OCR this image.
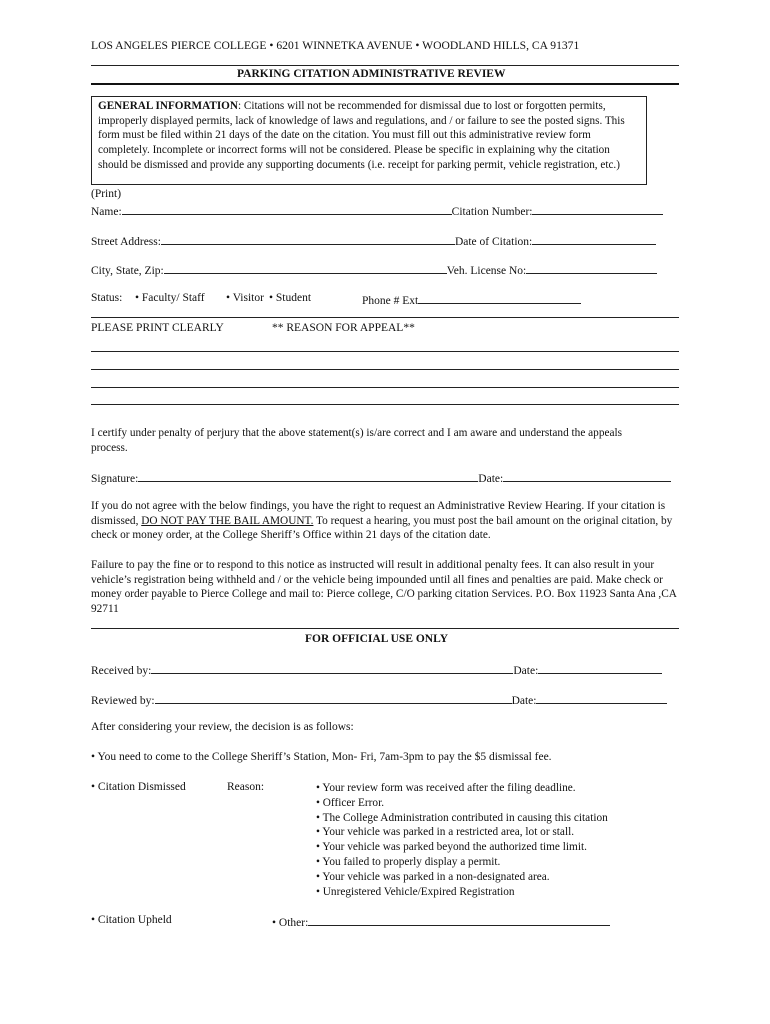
LOS ANGELES PIERCE COLLEGE • 6201 WINNETKA AVENUE • WOODLAND HILLS, CA 91371
PARKING CITATION ADMINISTRATIVE REVIEW
GENERAL INFORMATION: Citations will not be recommended for dismissal due to lost or forgotten permits, improperly displayed permits, lack of knowledge of laws and regulations, and / or failure to see the posted signs. This form must be filed within 21 days of the date on the citation. You must fill out this administrative review form completely. Incomplete or incorrect forms will not be considered. Please be specific in explaining why the citation should be dismissed and provide any supporting documents (i.e. receipt for parking permit, vehicle registration, etc.)
(Print)
Name:	Citation Number:
Street Address:	Date of Citation:
City, State, Zip:	Veh. License No:
Status: • Faculty/ Staff • Visitor • Student	Phone # Ext
PLEASE PRINT CLEARLY	** REASON FOR APPEAL**
I certify under penalty of perjury that the above statement(s) is/are correct and I am aware and understand the appeals process.
Signature:	Date:
If you do not agree with the below findings, you have the right to request an Administrative Review Hearing. If your citation is dismissed, DO NOT PAY THE BAIL AMOUNT. To request a hearing, you must post the bail amount on the original citation, by check or money order, at the College Sheriff’s Office within 21 days of the citation date.
Failure to pay the fine or to respond to this notice as instructed will result in additional penalty fees. It can also result in your vehicle’s registration being withheld and / or the vehicle being impounded until all fines and penalties are paid. Make check or money order payable to Pierce College and mail to: Pierce college, C/O parking citation Services. P.O. Box 11923 Santa Ana ,CA 92711
FOR OFFICIAL USE ONLY
Received by:	Date:
Reviewed by:	Date:
After considering your review, the decision is as follows:
• You need to come to the College Sheriff’s Station, Mon- Fri, 7am-3pm to pay the $5 dismissal fee.
• Citation Dismissed	Reason:	• Your review form was received after the filing deadline.
• Officer Error.
• The College Administration contributed in causing this citation
• Your vehicle was parked in a restricted area, lot or stall.
• Your vehicle was parked beyond the authorized time limit.
• You failed to properly display a permit.
• Your vehicle was parked in a non-designated area.
• Unregistered Vehicle/Expired Registration
• Citation Upheld	• Other:
